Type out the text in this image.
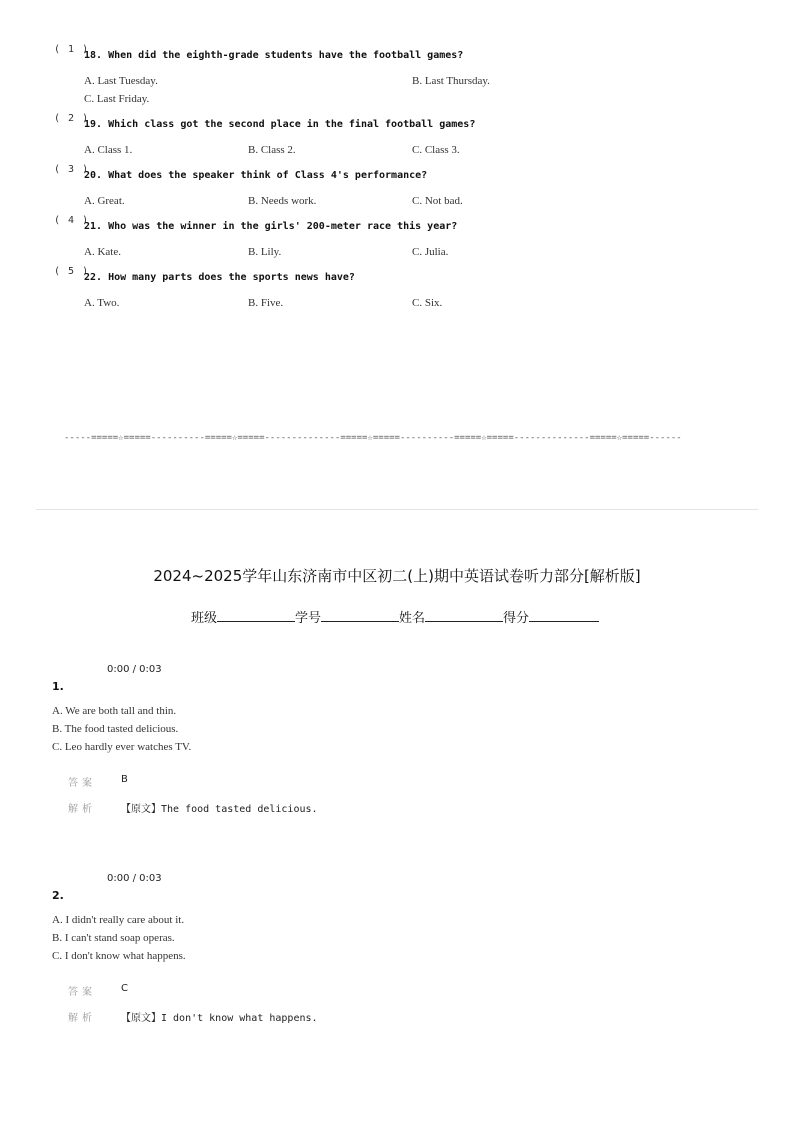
( 1 )
18. When did the eighth-grade students have the football games?
A. Last Tuesday.	B. Last Thursday.
C. Last Friday.
( 2 )
19. Which class got the second place in the final football games?
A. Class 1.	B. Class 2.	C. Class 3.
( 3 )
20. What does the speaker think of Class 4's performance?
A. Great.	B. Needs work.	C. Not bad.
( 4 )
21. Who was the winner in the girls' 200-meter race this year?
A. Kate.	B. Lily.	C. Julia.
( 5 )
22. How many parts does the sports news have?
A. Two.	B. Five.	C. Six.
-----=====☆=====----------=====☆=====--------------=====☆=====----------=====☆=====--------------=====☆=====------
2024~2025学年山东济南市中区初二(上)期中英语试卷听力部分[解析版]
班级	学号	姓名	得分
0:00 / 0:03
1.
A. We are both tall and thin.
B. The food tasted delicious.
C. Leo hardly ever watches TV.
答案	B
解析	【原文】The food tasted delicious.
0:00 / 0:03
2.
A. I didn't really care about it.
B. I can't stand soap operas.
C. I don't know what happens.
答案	C
解析	【原文】I don't know what happens.
